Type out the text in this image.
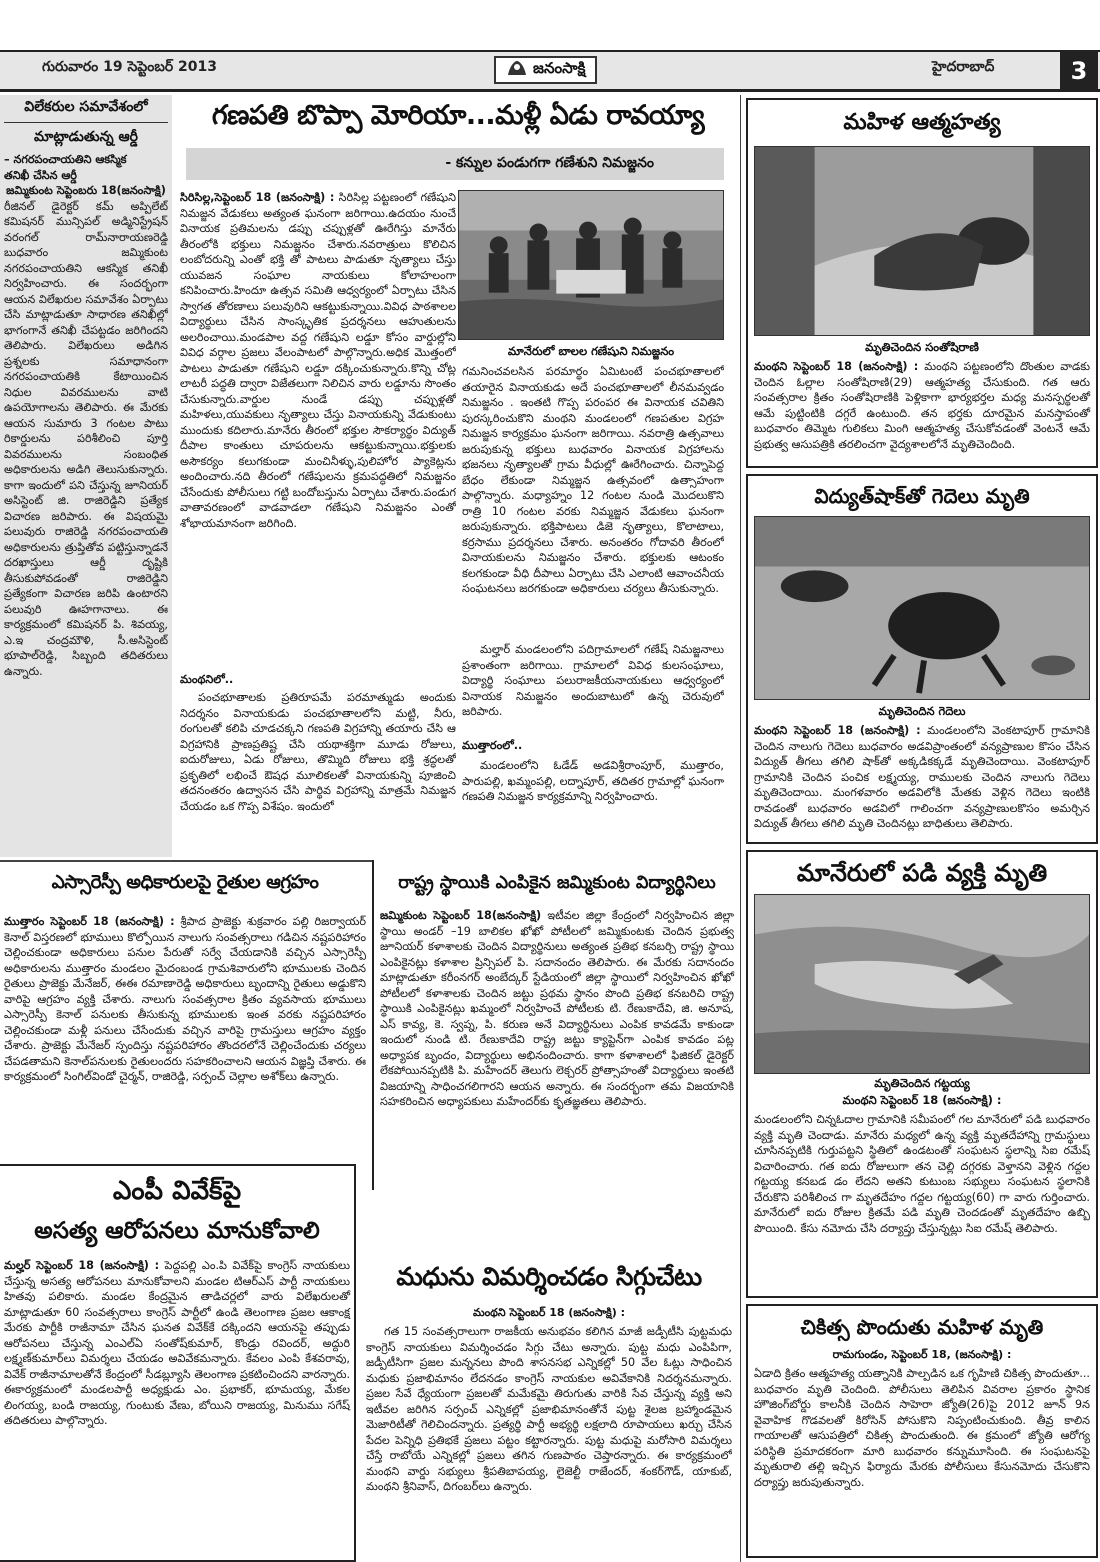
గురువారం 19 సెప్టెంబర్ 2013	జనంసాక్షి	హైదరాబాద్	3
విలేకరుల సమావేశంలో
మాట్లాడుతున్న ఆర్డీ

– నగరపంచాయతిని ఆకస్మిక

తనిఖీ చేసిన ఆర్డీ

జమ్మికుంట సెప్టెంబరు 18(జనంసాక్షి)

రీజినల్ డైరెక్టర్ కమ్ అప్పిలేట్ కమిషనర్ మున్సిపల్ అడ్మినిస్ట్రేషన్ వరంగల్ రామ్‌నారాయణరెడ్డి బుధవారం జమ్మికుంట నగరపంచాయతిని ఆకస్మిక తనిఖీ నిర్వహించారు. ఈ సందర్భంగా ఆయన విలేఖరుల సమావేశం ఏర్పాటు చేసి మాట్లాడుతూ సాధారణ తనిఖీల్లో భాగంగానే తనిఖీ చేపట్టడం జరిగిందని తెలిపారు. విలేఖరులు అడిగిన ప్రశ్నలకు సమాధానంగా నగరపంచాయతికి కేటాయించిన నిధుల వివరములను వాటి ఉపయోగాలను తెలిపారు. ఈ మేరకు ఆయన సుమారు 3 గంటల పాటు రికార్డులను పరిశీలించి పూర్తి వివరములను సంబంధిత అధికారులను అడిగి తెలుసుకున్నారు. కాగా ఇందులో పని చేస్తున్న జూనియర్ అసిస్టెంట్ జి. రాజిరెడ్డిని ప్రత్యేక విచారణ జరిపారు. ఈ విషయమై పలువురు రాజిరెడ్డి నగరపంచాయతి అధికారులను త్రుప్తితోవ పట్టిస్తున్నాడనే దరఖాస్తులు ఆర్డీ దృష్టికి తీసుకుపోవడంతో రాజిరెడ్డిని ప్రత్యేకంగా విచారణ జరిపి ఉంటారని పలువురి ఊహగానాలు. ఈ కార్యక్రమంలో కమిషనర్ పి. శివయ్య, ఎ.ఇ చంద్రమౌళి, సీ.అసిస్టెంట్ భూపాల్‌రెడ్డి, సిబ్బంది తదితరులు ఉన్నారు.

గణపతి బొప్పా మోరియా...మళ్లీ ఏడు రావయ్యా
- కన్నుల పండుగగా గణేశుని నిమజ్జనం

సిరిసిల్ల,సెప్టెంబర్ 18 (జనంసాక్షి) : సిరిసిల్ల పట్టణంలో గణేషుని నిమజ్జన వేడుకలు అత్యంత ఘనంగా జరిగాయి.ఉదయం నుంచే వినాయక ప్రతిమలను డప్పు చప్పుళ్లతో ఊరేగిస్తు మానేరు తీరంలోకి భక్తులు నిమజ్జనం చేశారు.నవరాత్రులు కొలిచిన లంబోదరున్ని ఎంతో భక్తి తో పాటలు పాడుతూ నృత్యాలు చేస్తు యువజన సంఘాల నాయకులు కోలాహలంగా కనిపించారు.హిందూ ఉత్సవ సమితి ఆధ్వర్యంలో ఏర్పాటు చేసిన స్వాగత తోరణాలు పలువురిని ఆకట్టుకున్నాయి.వివిధ పాఠశాలల విద్యార్థులు చేసిన సాంస్కృతిక ప్రదర్శనలు ఆహుతులను అలరించాయి.మండపాల వద్ద గణేషుని లడ్డూ కోసం వార్డుల్లోని వివిధ వర్గాల ప్రజలు వేలంపాటలో పాల్గొన్నారు.అధిక మొత్తంలో పాటలు పాడుతూ గణేషుని లడ్డూ దక్కించుకున్నారు.కొన్ని చోట్ల లాటరీ పద్ధతి ద్వారా విజేతలుగా నిలిచిన వారు లడ్డూను సొంతం చేసుకున్నారు.వార్డుల నుండే డప్పు చప్పుళ్లతో మహిళలు,యువకులు నృత్యాలు చేస్తు వినాయకున్ని వేడుకుంటు ముందుకు కదిలారు.మానేరు తీరంలో భక్తుల సౌకర్యార్థం విద్యుత్ దీపాల కాంతులు చూపరులను ఆకట్టుకున్నాయి.భక్తులకు అసౌకర్యం కలుగకుండా మంచినీళ్ళు,పులిహోర ప్యాకెట్లను అందించారు.నది తీరంలో గణేషులను క్రమపద్ధతిలో నిమజ్జనం చేసేందుకు పోలీసులు గట్టి బందోబస్తును ఏర్పాటు చేశారు.పండుగ వాతావరణంలో వాడవాడలా గణేషుని నిమజ్జనం ఎంతో శోభాయమానంగా జరిగింది.

మంథనిలో..

పంచభూతాలకు ప్రతిరూపమే పరమాత్ముడు అందుకు నిదర్శనం వినాయకుడు పంచభూతాలలోని మట్టి, నీరు, రంగులతో కలిపి చూడచక్కని గణపతి విగ్రహాన్ని తయారు చేసి ఆ విగ్రహానికి ప్రాణప్రతిష్ట చేసి యథాశక్తిగా మూడు రోజులు, ఐదురోజులు, ఏడు రోజులు, తొమ్మిది రోజులు భక్తి శ్రద్ధలతో ప్రకృతిలో లభించే ఔషధ మూలికలతో వినాయకున్ని పూజించి తదనంతరం ఉద్వాసన చేసి పార్థివ విగ్రహాన్ని మాత్రమే నిమజ్జన చేయడం ఒక గొప్ప విశేషం. ఇందులో

మానేరులో బాలల గణేషుని నిమజ్జనం

గమనించవలసిన పరమార్థం ఏమిటంటే పంచభూతాలలో తయారైన వినాయకుడు అదే పంచభూతాలలో లీనమవ్వడం నిమజ్జనం . ఇంతటి గొప్ప పరంపర ఈ వినాయక చవితిని పురస్కరించుకొని మంథని మండలంలో గణపతుల విగ్రహ నిమజ్జన కార్యక్రమం ఘనంగా జరిగాయి. నవరాత్రి ఉత్సవాలు జరుపుకున్న భక్తులు బుధవారం వినాయక విగ్రహాలను భజనలు నృత్యాలతో గ్రామ వీధుల్లో ఊరేగించారు. చిన్నాపెద్ద బేధం లేకుండా నిమ్మజ్జన ఉత్సవంలో ఉత్సాహంగా పాల్గొన్నారు. మధ్యాహ్నం 12 గంటల నుండి మొదలుకొని రాత్రి 10 గంటల వరకు నిమ్మజ్జన వేడుకలు ఘనంగా జరుపుకున్నారు. భక్తిపాటలు డిజె నృత్యాలు, కొలాటాలు, కర్రసాము ప్రదర్శనలు చేశారు. అనంతరం గోదావరి తీరంలో వినాయకులను నిమజ్జనం చేశారు. భక్తులకు ఆటంకం కలగకుండా వీధి దీపాలు ఏర్పాటు చేసి ఎలాంటి ఆవాంచనీయ సంఘటనలు జరగకుండా అధికారులు చర్యలు తీసుకున్నారు.

మల్హార్ మండలంలోని పదిగ్రామాలలో గణేష్ నిమజ్జనాలు ప్రశాంతంగా జరిగాయి. గ్రామాలలో వివిధ కులసంఘాలు, విద్యార్థి సంఘాలు పలురాజకీయనాయకులు ఆధ్వర్యంలో వినాయక నిమజ్జనం అందుబాటులో ఉన్న చెరువులో జరిపారు.

ముత్తారంలో..

మండలంలోని ఓడేడ్ అడవిశ్రీరాంపూర్, ముత్తారం, పారుపల్లి, ఖమ్మంపల్లి, లద్నాపూర్, తదితర గ్రామాల్లో ఘనంగా గణపతి నిమజ్జన కార్యక్రమాన్ని నిర్వహించారు.

మహిళ ఆత్మహత్య
మృతిచెందిన సంతోషిరాణి

మంథని సెప్టెంబర్ 18 (జనంసాక్షి) : మంథని పట్టణంలోని దొంతుల వాడకు చెందిన ఓల్లాల సంతోషిరాణి(29) ఆత్మహత్య చేసుకుంది. గత ఆరు సంవత్సరాల క్రితం సంతోషిరాణికి పెళ్లికాగా భార్యభర్తల మధ్య మనస్పర్థలతో ఆమే పుట్టింటికి దగ్గరే ఉంటుంది. తన భర్తకు దూరమైన మనస్తాపంతో బుధవారం తిమ్మెట గులికలు మింగి ఆత్మహత్య చేసుకోవడంతో వెంటనే ఆమే ప్రభుత్వ ఆసుపత్రికి తరలించగా వైద్యశాలలోనే మృతిచెందింది.

విద్యుత్‌షాక్‌తో గెదెలు మృతి
మృతిచెందిన గెదెలు

మంథని సెప్టెంబర్ 18 (జనంసాక్షి) : మండలంలోని వెంకటాపూర్ గ్రామానికి చెందిన నాలుగు గెదెలు బుధవారం అడవిప్రాంతంలో వన్యప్రాణుల కొసం చేసిన విద్యుత్ తీగలు తగిలి షాక్‌తో అక్కడికక్కడే మృతిచెందాయి. వెంకటాపూర్ గ్రామానికి చెందిన పంచిక లక్ష్మయ్య, రాములకు చెందిన నాలుగు గెదెలు మృతిచెందాయి. మంగళవారం అడవిలోకి మేతకు వెళ్లిన గెదెలు ఇంటికి రావడంతో బుధవారం అడవిలో గాలించగా వన్యప్రాణులకొసం అమర్చిన విద్యుత్ తీగలు తగిలి మృతి చెందినట్లు బాధితులు తెలిపారు.

మానేరులో పడి వ్యక్తి మృతి
మృతిచెందిన గట్టయ్య
మంథని సెప్టెంబర్ 18 (జనంసాక్షి) :

మండలంలోని చిన్నఓదాల గ్రామానికి సమీపంలో గల మానేరులో పడి బుధవారం వ్యక్తి మృతి చెందాడు. మానేరు మధ్యలో ఉన్న వ్యక్తి మృతదేహాన్ని గ్రామస్థులు చూసినప్పటికి గుర్తుపట్టని స్థితిలో ఉండటంతో సంఘటన స్థలాన్ని సిఐ రమేష్ విచారించారు. గత ఐదు రోజులుగా తన చెల్లి దగ్గరకు వెళ్తానని వెళ్లిన గద్దల గట్టయ్య కనబడ డం లేదని అతని కుటుంబ సభ్యులు సంఘటన స్థలానికి చేరుకొని పరిశీలించ గా మృతదేహం గద్దల గట్టయ్య(60) గా వారు గుర్తించారు. మానేరులో ఐదు రోజుల క్రితమే పడి మృతి చెందడంతో మృతదేహం ఉబ్బి పొయింది. కేసు నమోదు చేసి దర్యాప్తు చేస్తున్నట్లు సిఐ రమేష్ తెలిపారు.

చికిత్స పొందుతు మహిళ మృతి
రామగుండం, సెప్టెంబర్ 18, (జనంసాక్షి) :

ఏడాది క్రితం ఆత్మహత్య యత్నానికి పాల్పడిన ఒక గృహిణి చికిత్స పొందుతూ... బుధవారం మృతి చెందింది. పోలీసులు తెలిపిన వివరాల ప్రకారం స్థానిక హౌజింగ్‌బోర్డు కాలనీకి చెందిన సాహెరా జ్యోతి(26)పై 2012 జూన్ 9న వైవాహిక గొడవలతో కిరోసిన్ పోసుకొని నిప్పంటించుకుంది. తీవ్ర కాలిన గాయాలతో ఆసుపత్రిలో చికిత్స పొందుతుంది. ఈ క్రమంలో జ్యోతి ఆరోగ్య పరిస్థితి ప్రమాదకరంగా మారి బుధవారం కన్నుమూసింది. ఈ సంఘటనపై మృతురాలి తల్లి ఇచ్చిన ఫిర్యాదు మేరకు పోలీసులు కేసునమోదు చేసుకొని దర్యాప్తు జరుపుతున్నారు.

ఎస్సారెస్పీ అధికారులపై రైతుల ఆగ్రహం

ముత్తారం సెప్టెంబర్ 18 (జనంసాక్షి) : శ్రీపాద ప్రాజెక్టు శుక్రవారం పల్లి రిజర్వాయర్ కెనాల్ విస్తరణలో భూములు కొల్పోయిన నాలుగు సంవత్సరాలు గడిచిన నష్టపరిహారం చెల్లించకుండా అధికారులు పనుల పేరుతో సర్వే చేయడానికి వచ్చిన ఎస్సారెస్పీ అధికారులను ముత్తారం మండలం మైదంబండ గ్రామశివారులోని భూములకు చెందిన రైతులు ప్రాజెక్టు మేనేజర్, ఈఈ రమాణారెడ్డి అధికారులు బృందాన్ని రైతులు అడ్డుకొని వారిపై ఆగ్రహం వ్యక్తి చేశారు. నాలుగు సంవత్సరాల క్రితం వ్యవసాయ భూములు ఎస్సారెస్పీ కెనాల్ పనులకు తీసుకున్న భూములకు ఇంత వరకు నష్టపరిహారం చెల్లించకుండా మళ్లీ పనులు చేసేందుకు వచ్చిన వారిపై గ్రామస్తులు ఆగ్రహం వ్యక్తం చేశారు. ప్రాజెక్టు మేనేజర్ స్పందిస్తు నష్టపరిహారం తొందరలోనే చెల్లించేందుకు చర్యలు చేపడతామని కెనాల్‌పనులకు రైతులందరు సహకరించాలని ఆయన విజ్ఞప్తి చేశారు. ఈ కార్యక్రమంలో సింగిల్‌విండో చైర్మన్, రాజిరెడ్డి, సర్పంచ్ చెల్లాల అశోక్‌లు ఉన్నారు.

రాష్ట్ర స్థాయికి ఎంపికైన జమ్మికుంట విద్యార్థినిలు

జమ్మికుంట సెప్టెంబర్ 18(జనంసాక్షి) ఇటీవల జిల్లా కేంద్రంలో నిర్వహించిన జిల్లా స్థాయి అండర్ –19 బాలికల ఖోఖో పోటీలలో జమ్మికుంటకు చెందిన ప్రభుత్వ జూనియర్ కళాశాలకు చెందిన విద్యార్థినులు అత్యంత ప్రతిభ కనబర్చి రాష్ట్ర స్థాయి ఎంపికైనట్లు కళాశాల ప్రిన్సిపల్ పి. సదానందం తెలిపారు. ఈ మేరకు సదానందం మాట్లాడుతూ కరీంనగర్ అంబేద్కర్ స్టేడియంలో జిల్లా స్థాయిలో నిర్వహించిన ఖోఖో పోటీలలో కళాశాలకు చెందిన జట్టు ప్రథమ స్థానం పొంది ప్రతిభ కనబరిచి రాష్ట్ర స్థాయికి ఎంపికైనట్లు ఖమ్మంలో నిర్వహించే పోటీలకు టి. రేణుకాదేవి, జి. అనూష, ఎస్ కావ్య, కె. స్వప్న, పి. కరుణ అనే విద్యార్థినులు ఎంపిక కావడమే కాకుండా ఇందులో నుండి టి. రేణుకాదేవి రాష్ట్ర జట్టు క్యాప్టెన్‌గా ఎంపిక కావడం పట్ల అధ్యాపక బృందం, విద్యార్థులు అభినందించారు. కాగా కళాశాలలో ఫిజికల్ డైరెక్టర్ లేకపోయినప్పటికి పి. మహేందర్ తెలుగు లెక్చరర్ ప్రోత్సాహంతో విద్యార్థులు ఇంతటి విజయాన్ని సాధించగలిగారని ఆయన అన్నారు. ఈ సందర్భంగా తమ విజయానికి సహకరించిన అధ్యాపకులు మహేందర్‌కు కృతజ్ఞతలు తెలిపారు.

ఎంపీ వివేక్‌పై
అసత్య ఆరోపనలు మానుకోవాలి

మల్హర్ సెప్టెంబర్ 18 (జనంసాక్షి) : పెద్దపల్లి ఎం.పి వివేక్‌పై కాంగ్రెస్ నాయకులు చేస్తున్న అసత్య ఆరోపనలు మానుకోవాలని మండల టిఆర్ఎస్ పార్టీ నాయకులు హితవు పలికారు. మండల కేంద్రమైన తాడిచర్లలో వారు విలేఖరులతో మాట్లాడుతూ 60 సంవత్సరాలు కాంగ్రెస్ పార్టీలో ఉండి తెలంగాణ ప్రజల ఆకాంక్ష మేరకు పార్టీకి రాజీనామా చేసిన ఘనత వివేక్‌కే దక్కిందని ఆయనపై తప్పుడు ఆరోపనలు చేస్తున్న ఎంఎల్ఏ సంతోష్‌కుమార్, కొండ్రు రవిందర్, అద్దురి లక్ష్మణ్‌కుమార్‌లు విమర్శలు చేయడం అవివేకమన్నారు. కేవలం ఎంపి కేశవరావు, వివేక్ రాజీనామాలతోనే కేంద్రంలో సీడబ్ల్యూసి తెలంగాణ ప్రకటించిందని వారన్నారు. ఈకార్యక్రమంలో మండలపార్టీ అధ్యక్షుడు ఎం. ప్రభాకర్, భూమయ్య, మేకల లింగయ్య, బండి రాజయ్య, గుంటుకు వేణు, బోయిని రాజయ్య, మినుము సగేష్ తదితరులు పాల్గొన్నారు.

మధును విమర్శించడం సిగ్గుచేటు
మంథని సెప్టెంబర్ 18 (జనంసాక్షి) :

గత 15 సంవత్సరాలుగా రాజకీయ అనుభవం కలిగిన మాజీ జడ్పీటీసి పుట్టమధు కాంగ్రెస్ నాయకులు విమర్శించడం సిగ్గు చేటు అన్నారు. పుట్ట మధు ఎంపిపిగా, జడ్పీటీసిగా ప్రజల మన్ననలు పొంది శాసనసభ ఎన్నికల్లో 50 వేల ఓట్లు సాధించిన మధుకు ప్రజాభిమానం లేదనడం కాంగ్రెస్ నాయకుల అవివేకానికి నిదర్శనమన్నారు. ప్రజల సేవే ధ్యేయంగా ప్రజలతో మమేకమై తిరుగుతు వారికి సేవ చేస్తున్న వ్యక్తి అని ఇటీవల జరిగిన సర్పంచ్ ఎన్నికల్లో ప్రజాభిమానంతోనే పుట్ట శైలజ బ్రహ్మాండమైన మెజారిటీతో గెలిచిందన్నారు. ప్రత్యర్థి పార్టీ అభ్యర్థి లక్షలాది రూపాయలు ఖర్చు చేసిన పేదల పెన్నిధి ప్రతిభకే ప్రజలు పట్టం కట్టారన్నారు. పుట్ట మధుపై మరోసారి విమర్శలు చేస్తే రాబోయే ఎన్నికల్లో ప్రజలు తగిన గుణపాఠం చెప్తారన్నారు. ఈ కార్యక్రమంలో మంథని వార్డు సభ్యులు శ్రీపతిబాపయ్య, లైజెల్టీ రాజేందర్, శంకర్‌గౌడ్, యాకుబ్, మంథని శ్రీనివాస్, దిగంబర్‌లు ఉన్నారు.
